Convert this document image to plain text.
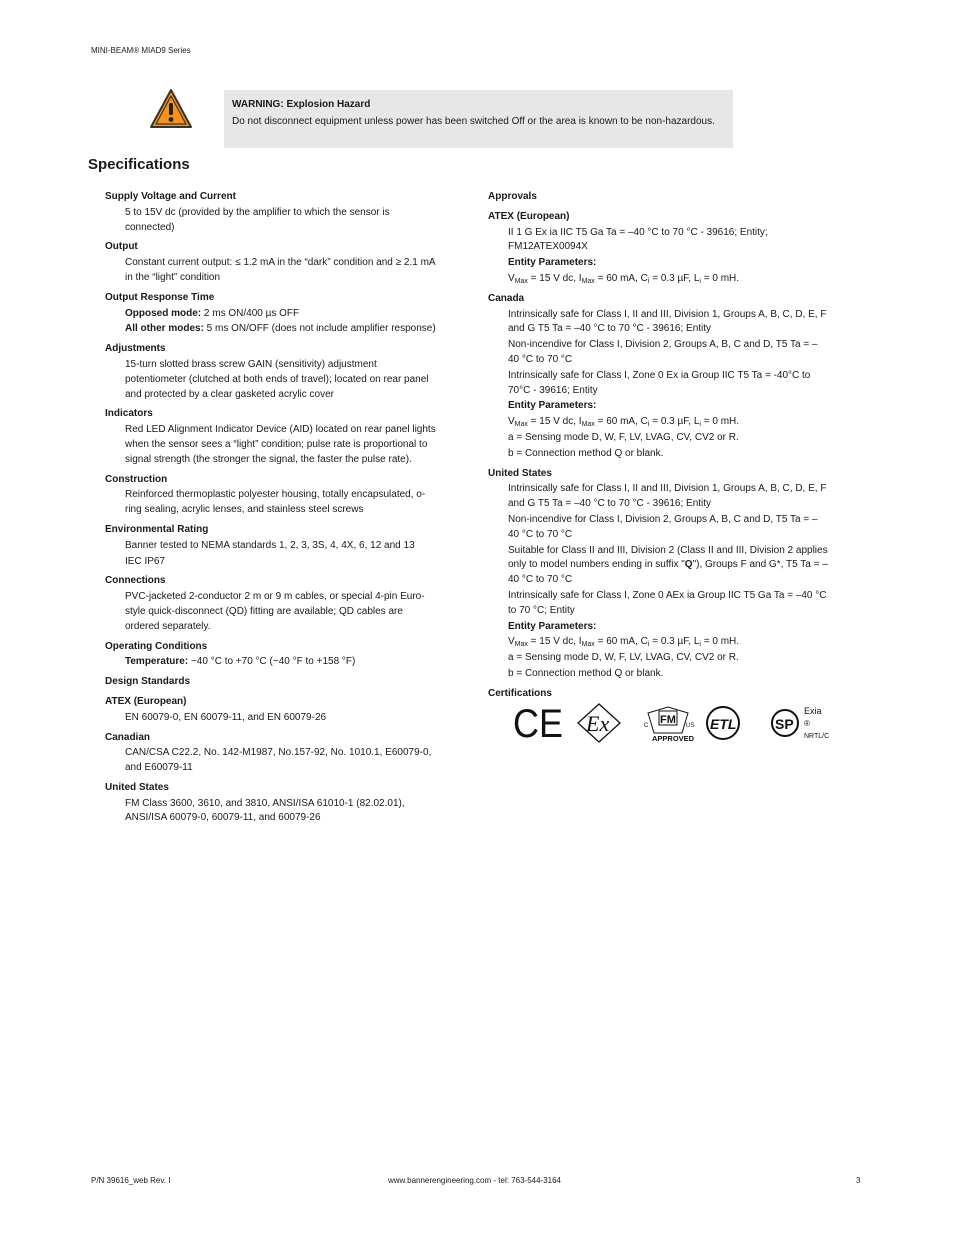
MINI-BEAM® MIAD9 Series
WARNING: Explosion Hazard
Do not disconnect equipment unless power has been switched Off or the area is known to be non-hazardous.
Specifications
Supply Voltage and Current

5 to 15V dc (provided by the amplifier to which the sensor is connected)

Output

Constant current output: ≤ 1.2 mA in the “dark” condition and ≥ 2.1 mA in the “light” condition

Output Response Time

Opposed mode: 2 ms ON/400 µs OFF

All other modes: 5 ms ON/OFF (does not include amplifier response)

Adjustments

15-turn slotted brass screw GAIN (sensitivity) adjustment potentiometer (clutched at both ends of travel); located on rear panel and protected by a clear gasketed acrylic cover

Indicators

Red LED Alignment Indicator Device (AID) located on rear panel lights when the sensor sees a “light” condition; pulse rate is proportional to signal strength (the stronger the signal, the faster the pulse rate).

Construction

Reinforced thermoplastic polyester housing, totally encapsulated, o-ring sealing, acrylic lenses, and stainless steel screws

Environmental Rating

Banner tested to NEMA standards 1, 2, 3, 3S, 4, 4X, 6, 12 and 13

IEC IP67

Connections

PVC-jacketed 2-conductor 2 m or 9 m cables, or special 4-pin Euro-style quick-disconnect (QD) fitting are available; QD cables are ordered separately.

Operating Conditions

Temperature: −40 °C to +70 °C (−40 °F to +158 °F)

Design Standards
ATEX (European)

EN 60079-0, EN 60079-11, and EN 60079-26

Canadian

CAN/CSA C22.2, No. 142-M1987, No.157-92, No. 1010.1, E60079-0, and E60079-11

United States

FM Class 3600, 3610, and 3810, ANSI/ISA 61010-1 (82.02.01), ANSI/ISA 60079-0, 60079-11, and 60079-26

Approvals
ATEX (European)

II 1 G Ex ia IIC T5 Ga Ta = –40 °C to 70 °C - 39616; Entity; FM12ATEX0094X

Entity Parameters:

$V_{Max} = 15$ V dc, $I_{Max} = 60$ mA, $C_i = 0.3$ µF, $L_i = 0$ mH.

Canada

Intrinsically safe for Class I, II and III, Division 1, Groups A, B, C, D, E, F and G T5 Ta = –40 °C to 70 °C - 39616; Entity

Non-incendive for Class I, Division 2, Groups A, B, C and D, T5 Ta = –40 °C to 70 °C

Intrinsically safe for Class I, Zone 0 Ex ia Group IIC T5 Ta = -40°C to 70°C - 39616; Entity

Entity Parameters:

$V_{Max} = 15$ V dc, $I_{Max} = 60$ mA, $C_i = 0.3$ µF, $L_i = 0$ mH.

a = Sensing mode D, W, F, LV, LVAG, CV, CV2 or R.

b = Connection method Q or blank.

United States

Intrinsically safe for Class I, II and III, Division 1, Groups A, B, C, D, E, F and G T5 Ta = –40 °C to 70 °C - 39616; Entity

Non-incendive for Class I, Division 2, Groups A, B, C and D, T5 Ta = –40 °C to 70 °C

Suitable for Class II and III, Division 2 (Class II and III, Division 2 applies only to model numbers ending in suffix "Q"), Groups F and G*, T5 Ta = –40 °C to 70 °C

Intrinsically safe for Class I, Zone 0 AEx ia Group IIC T5 Ga Ta = –40 °C to 70 °C; Entity

Entity Parameters:

$V_{Max} = 15$ V dc, $I_{Max} = 60$ mA, $C_i = 0.3$ µF, $L_i = 0$ mH.

a = Sensing mode D, W, F, LV, LVAG, CV, CV2 or R.

b = Connection method Q or blank.

Certifications
CE Ex	FM
C	US
APPROVED
ETL	SP
Exia
®
NRTL/C
P/N 39616_web Rev. I	www.bannerengineering.com - tel: 763-544-3164	3
